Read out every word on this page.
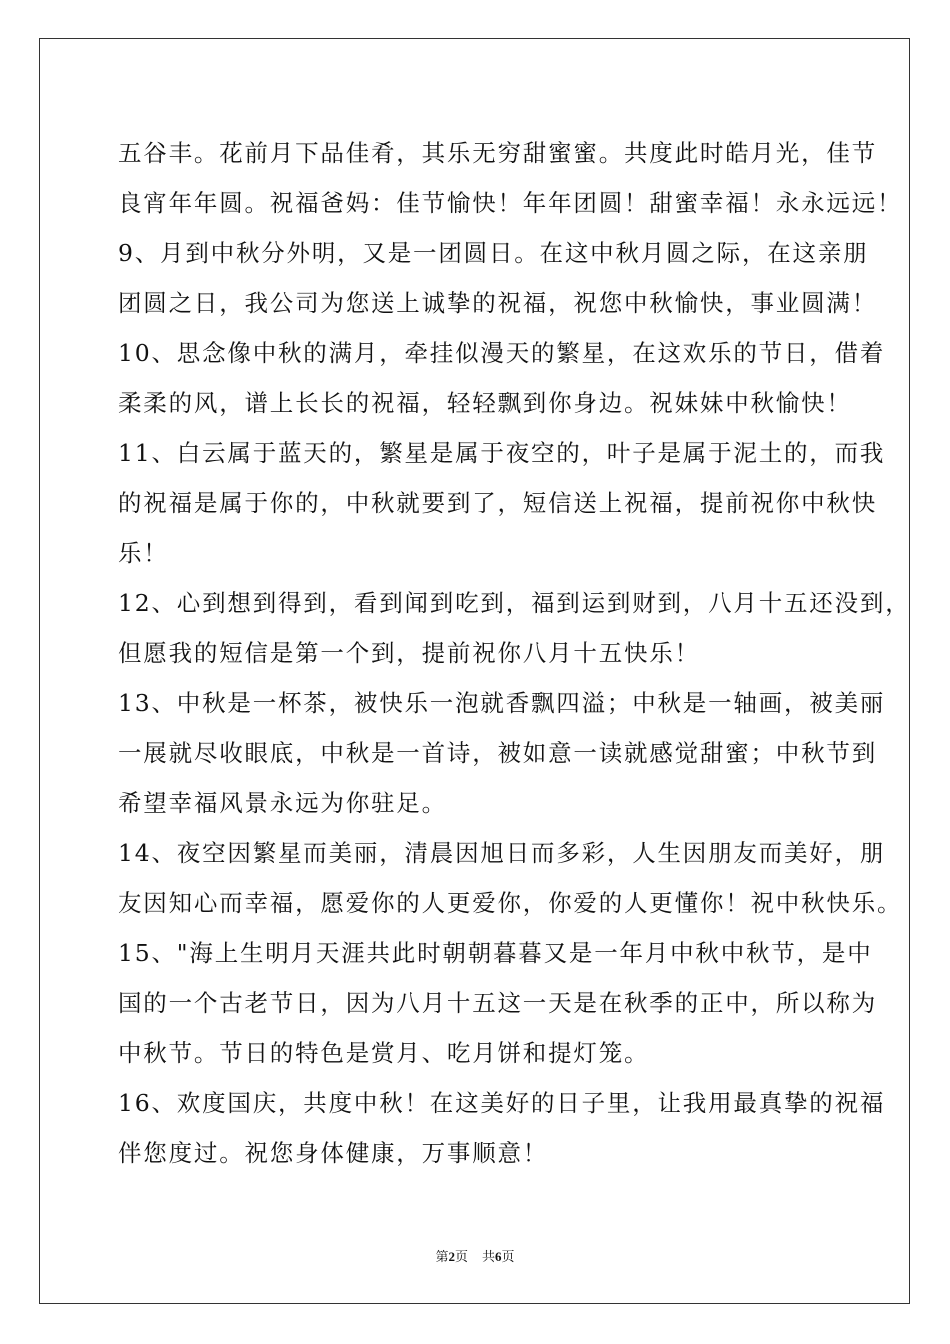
五谷丰。花前月下品佳肴，其乐无穷甜蜜蜜。共度此时皓月光，佳节
良宵年年圆。祝福爸妈：佳节愉快！年年团圆！甜蜜幸福！永永远远！
9、月到中秋分外明，又是一团圆日。在这中秋月圆之际，在这亲朋
团圆之日，我公司为您送上诚挚的祝福，祝您中秋愉快，事业圆满！
10、思念像中秋的满月，牵挂似漫天的繁星，在这欢乐的节日，借着
柔柔的风，谱上长长的祝福，轻轻飘到你身边。祝妹妹中秋愉快！
11、白云属于蓝天的，繁星是属于夜空的，叶子是属于泥土的，而我
的祝福是属于你的，中秋就要到了，短信送上祝福，提前祝你中秋快
乐！
12、心到想到得到，看到闻到吃到，福到运到财到，八月十五还没到，
但愿我的短信是第一个到，提前祝你八月十五快乐！
13、中秋是一杯茶，被快乐一泡就香飘四溢；中秋是一轴画，被美丽
一展就尽收眼底，中秋是一首诗，被如意一读就感觉甜蜜；中秋节到
希望幸福风景永远为你驻足。
14、夜空因繁星而美丽，清晨因旭日而多彩，人生因朋友而美好，朋
友因知心而幸福，愿爱你的人更爱你，你爱的人更懂你！祝中秋快乐。
15、"海上生明月天涯共此时朝朝暮暮又是一年月中秋中秋节，是中
国的一个古老节日，因为八月十五这一天是在秋季的正中，所以称为
中秋节。节日的特色是赏月、吃月饼和提灯笼。
16、欢度国庆，共度中秋！在这美好的日子里，让我用最真挚的祝福
伴您度过。祝您身体健康，万事顺意！
第2页 共6页
